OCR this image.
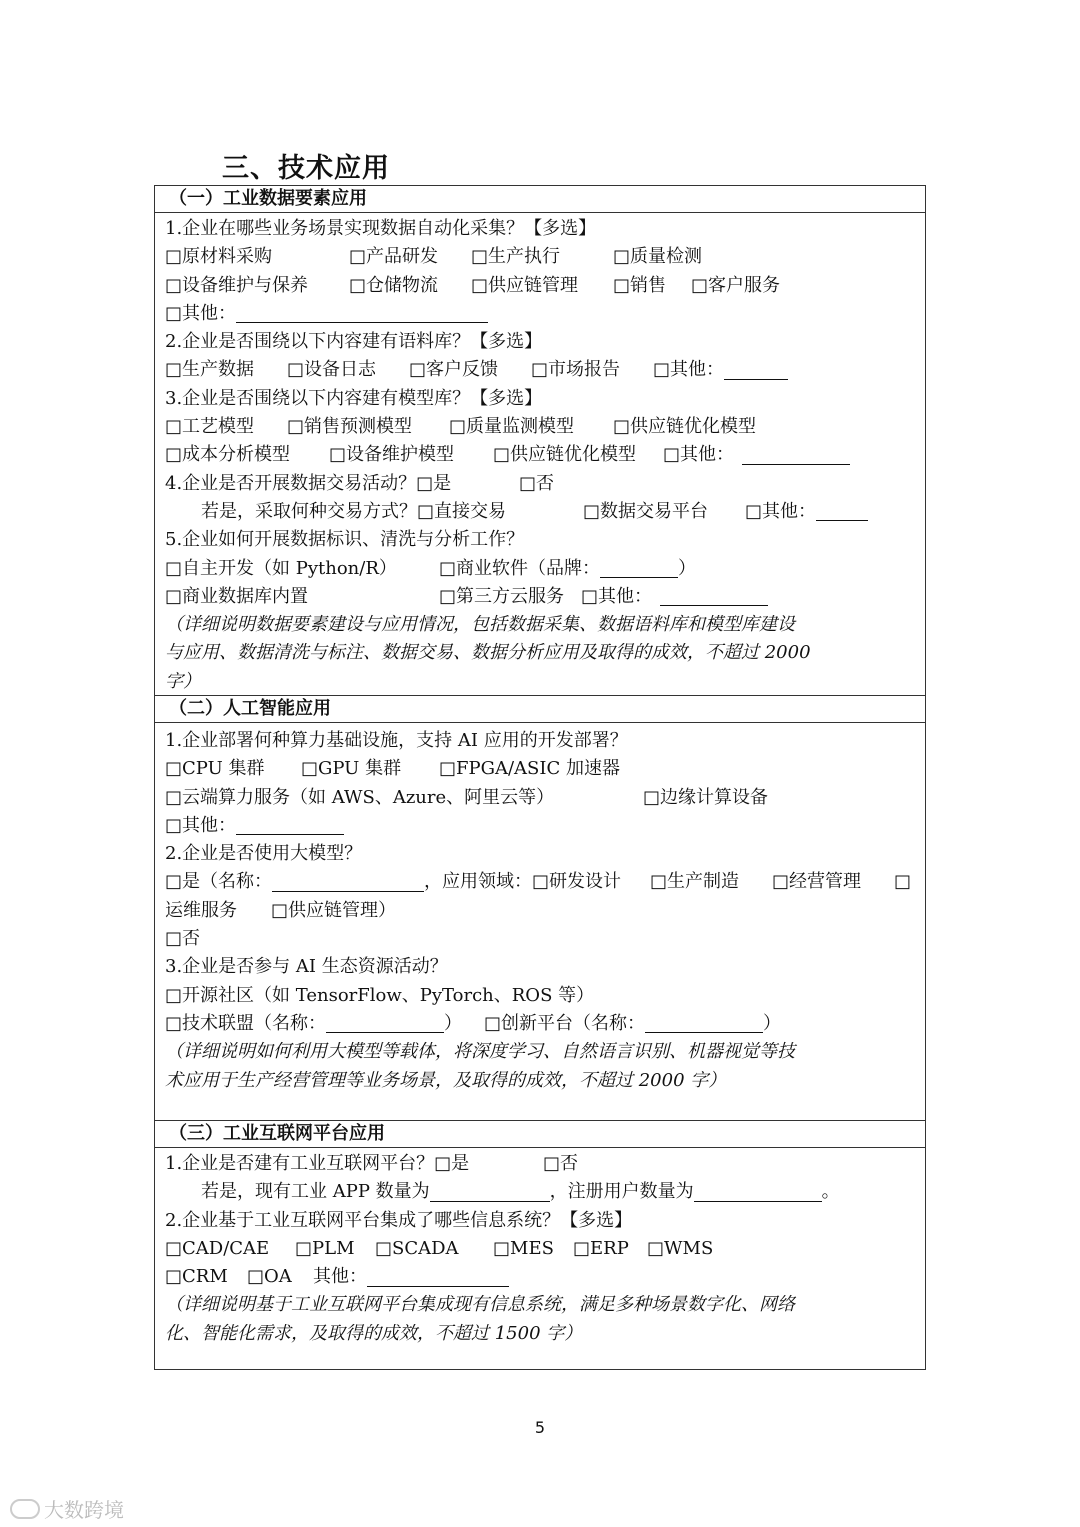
三、技术应用
（一）工业数据要素应用
1.企业在哪些业务场景实现数据自动化采集？【多选】
□原材料采购	□产品研发 □生产执行	□质量检测
□设备维护与保养 □仓储物流 □供应链管理 □销售 □客户服务
□其他：
2.企业是否围绕以下内容建有语料库？【多选】
□生产数据 □设备日志 □客户反馈 □市场报告 □其他：
3.企业是否围绕以下内容建有模型库？【多选】
□工艺模型 □销售预测模型 □质量监测模型 □供应链优化模型
□成本分析模型 □设备维护模型 □供应链优化模型 □其他：
4.企业是否开展数据交易活动？□是	□否
若是，采取何种交易方式？□直接交易	□数据交易平台 □其他：
5.企业如何开展数据标识、清洗与分析工作？
□自主开发（如 Python/R） □商业软件（品牌：	）
□商业数据库内置	□第三方云服务 □其他：
（详细说明数据要素建设与应用情况，包括数据采集、数据语料库和模型库建设
与应用、数据清洗与标注、数据交易、数据分析应用及取得的成效，不超过 2000
字）
（二）人工智能应用
1.企业部署何种算力基础设施，支持 AI 应用的开发部署？
□CPU 集群 □GPU 集群 □FPGA/ASIC 加速器
□云端算力服务（如 AWS、Azure、阿里云等）	□边缘计算设备
□其他：
2.企业是否使用大模型？
□是（名称：	，应用领域：□研发设计 □生产制造 □经营管理 □
运维服务 □供应链管理）
□否
3.企业是否参与 AI 生态资源活动？
□开源社区（如 TensorFlow、PyTorch、ROS 等）
□技术联盟（名称：	） □创新平台（名称：	）
（详细说明如何利用大模型等载体，将深度学习、自然语言识别、机器视觉等技
术应用于生产经营管理等业务场景，及取得的成效，不超过 2000 字）
（三）工业互联网平台应用
1.企业是否建有工业互联网平台？□是	□否
若是，现有工业 APP 数量为	，注册用户数量为	。
2.企业基于工业互联网平台集成了哪些信息系统？【多选】
□CAD/CAE □PLM □SCADA □MES □ERP □WMS
□CRM □OA 其他：
（详细说明基于工业互联网平台集成现有信息系统，满足多种场景数字化、网络
化、智能化需求，及取得的成效，不超过 1500 字）
5
大数跨境
